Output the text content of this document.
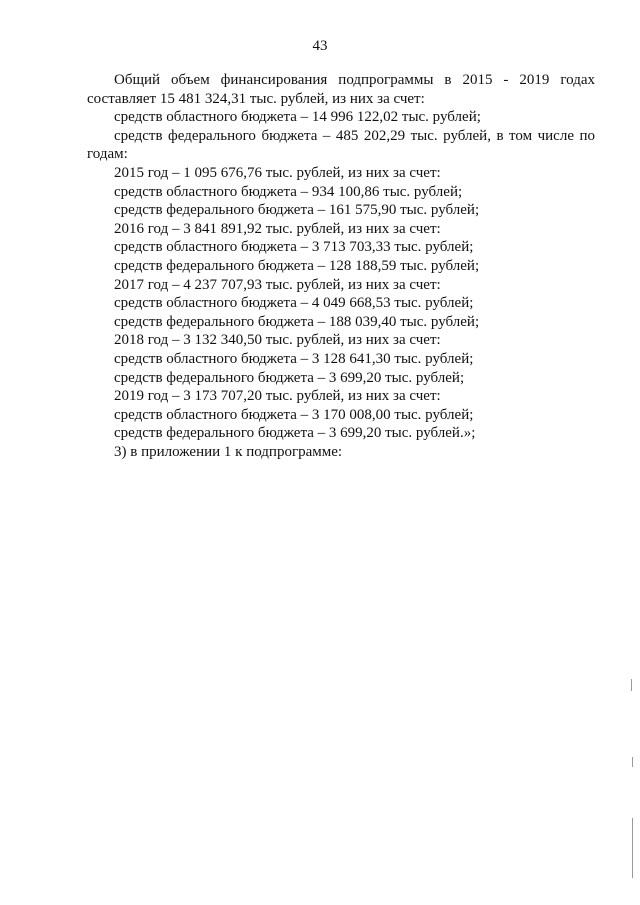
43

Общий объем финансирования подпрограммы в 2015 - 2019 годах составляет 15 481 324,31 тыс. рублей, из них за счет:

средств областного бюджета – 14 996 122,02 тыс. рублей;

средств федерального бюджета – 485 202,29 тыс. рублей, в том числе по годам:

2015 год – 1 095 676,76 тыс. рублей, из них за счет:
средств областного бюджета – 934 100,86 тыс. рублей;
средств федерального бюджета – 161 575,90 тыс. рублей;
2016 год – 3 841 891,92 тыс. рублей, из них за счет:
средств областного бюджета – 3 713 703,33 тыс. рублей;
средств федерального бюджета – 128 188,59 тыс. рублей;
2017 год – 4 237 707,93 тыс. рублей, из них за счет:
средств областного бюджета – 4 049 668,53 тыс. рублей;
средств федерального бюджета – 188 039,40 тыс. рублей;
2018 год – 3 132 340,50 тыс. рублей, из них за счет:
средств областного бюджета – 3 128 641,30 тыс. рублей;
средств федерального бюджета – 3 699,20 тыс. рублей;
2019 год – 3 173 707,20 тыс. рублей, из них за счет:
средств областного бюджета – 3 170 008,00 тыс. рублей;
средств федерального бюджета – 3 699,20 тыс. рублей.»;
3) в приложении 1 к подпрограмме:
